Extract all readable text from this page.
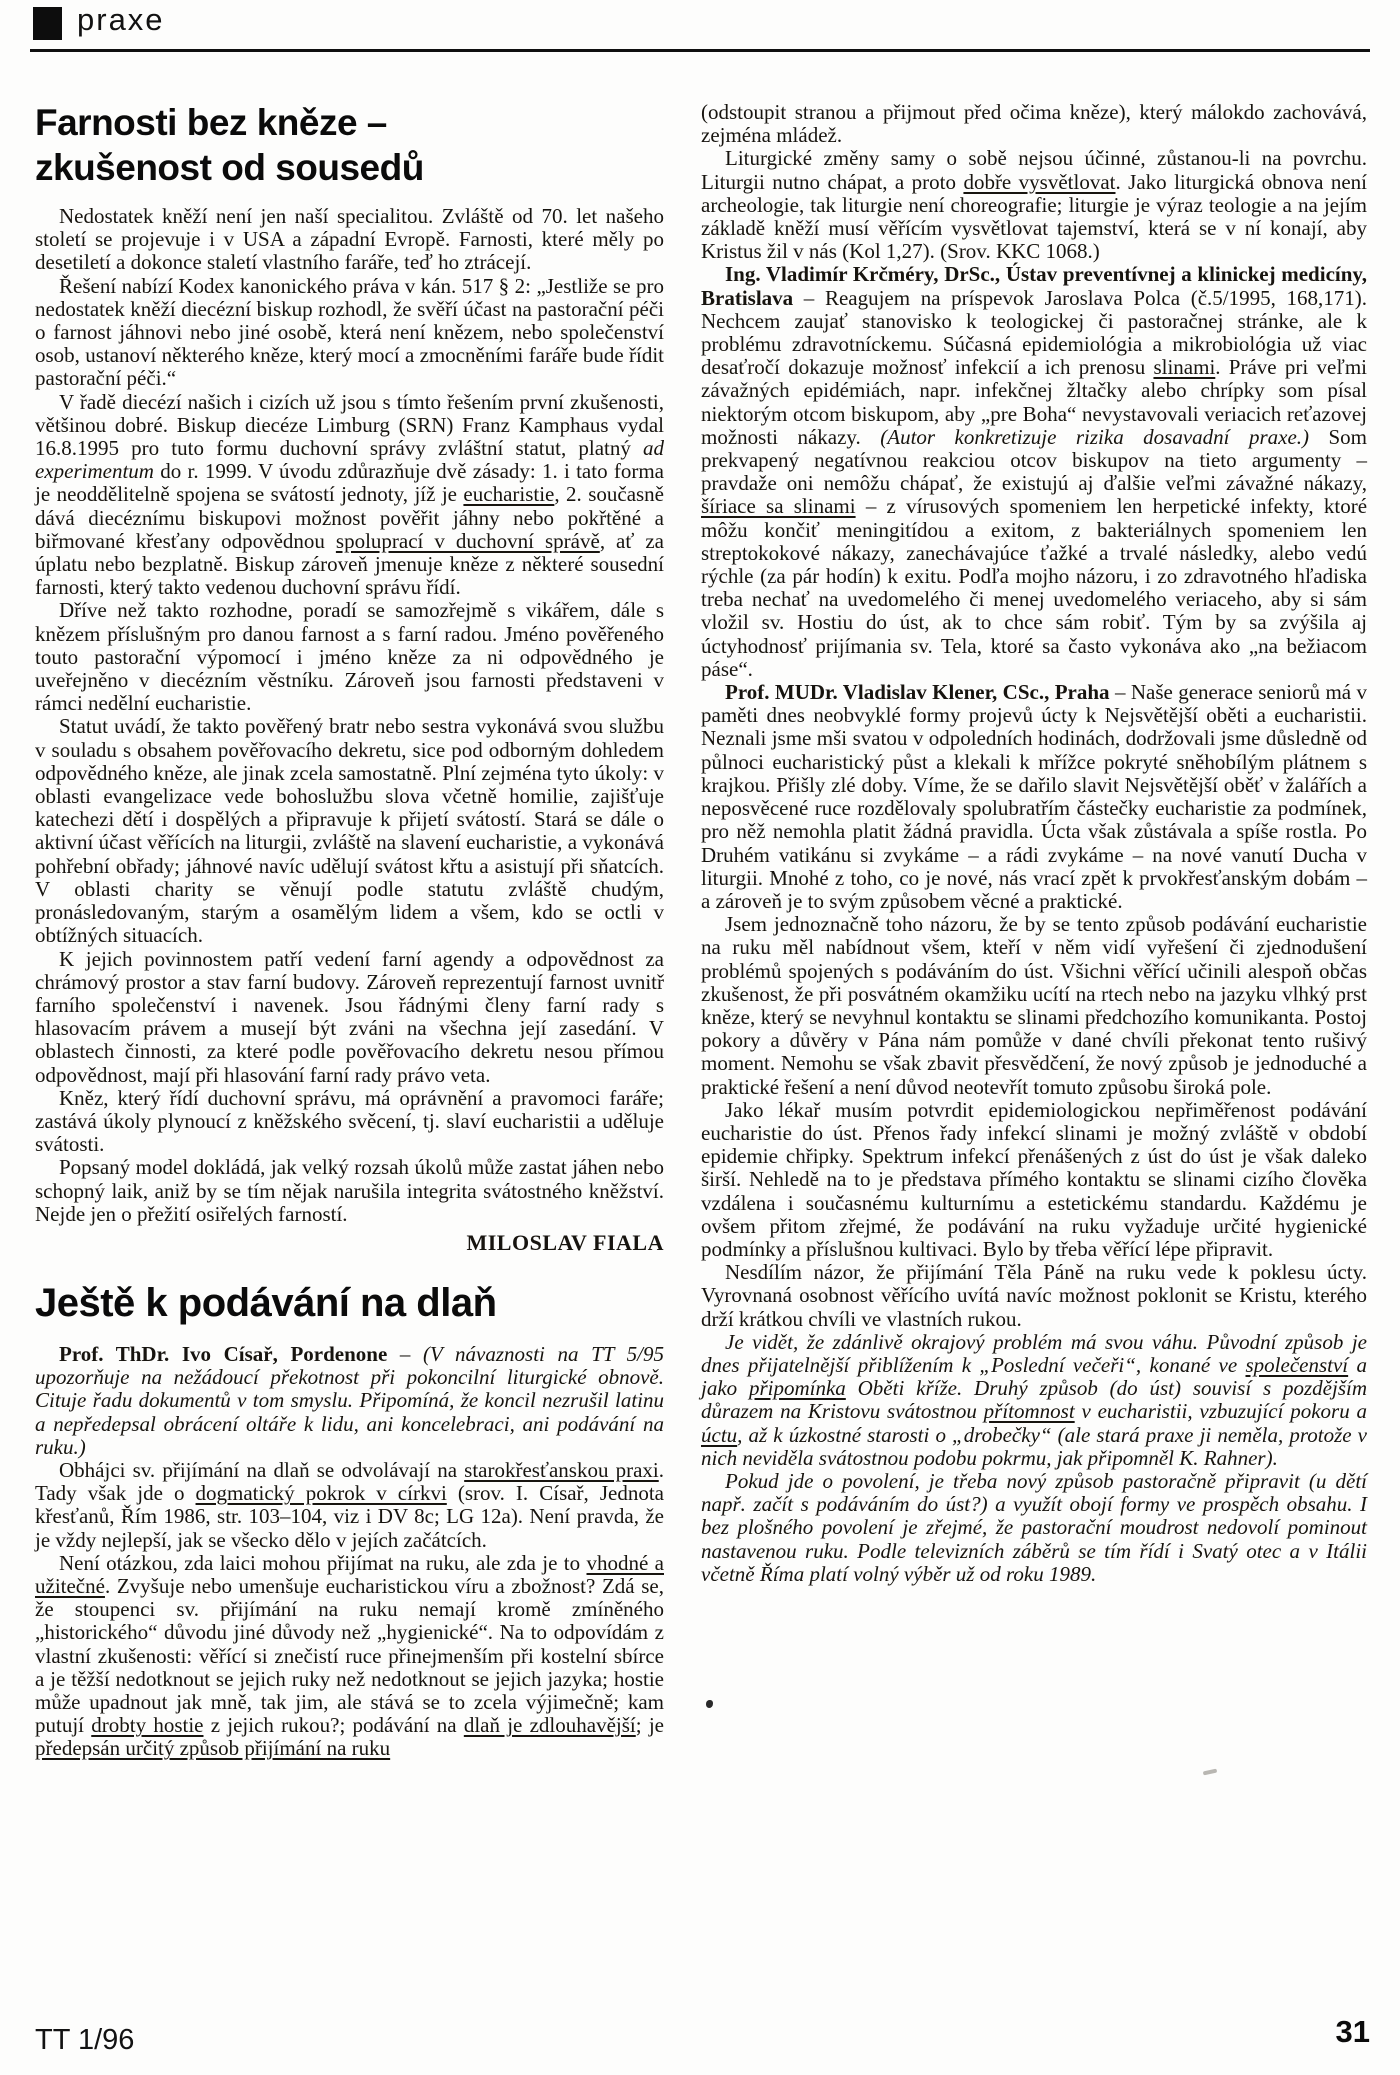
praxe
Farnosti bez kněze –
zkušenost od sousedů

Nedostatek kněží není jen naší specialitou. Zvláště od 70. let našeho století se projevuje i v USA a západní Evropě. Farnosti, které měly po desetiletí a dokonce staletí vlastního faráře, teď ho ztrácejí.

Řešení nabízí Kodex kanonického práva v kán. 517 § 2: „Jestliže se pro nedostatek kněží diecézní biskup rozhodl, že svěří účast na pastorační péči o farnost jáhnovi nebo jiné osobě, která není knězem, nebo společenství osob, ustanoví některého kněze, který mocí a zmocněními faráře bude řídit pastorační péči.“

V řadě diecézí našich i cizích už jsou s tímto řešením první zkušenosti, většinou dobré. Biskup diecéze Limburg (SRN) Franz Kamphaus vydal 16.8.1995 pro tuto formu duchovní správy zvláštní statut, platný ad experimentum do r. 1999. V úvodu zdůrazňuje dvě zásady: 1. i tato forma je neoddělitelně spojena se svátostí jednoty, jíž je eucharistie, 2. současně dává diecéznímu biskupovi možnost pověřit jáhny nebo pokřtěné a biřmované křesťany odpovědnou spoluprací v duchovní správě, ať za úplatu nebo bezplatně. Biskup zároveň jmenuje kněze z některé sousední farnosti, který takto vedenou duchovní správu řídí.

Dříve než takto rozhodne, poradí se samozřejmě s vikářem, dále s knězem příslušným pro danou farnost a s farní radou. Jméno pověřeného touto pastorační výpomocí i jméno kněze za ni odpovědného je uveřejněno v diecézním věstníku. Zároveň jsou farnosti představeni v rámci nedělní eucharistie.

Statut uvádí, že takto pověřený bratr nebo sestra vykonává svou službu v souladu s obsahem pověřovacího dekretu, sice pod odborným dohledem odpovědného kněze, ale jinak zcela samostatně. Plní zejména tyto úkoly: v oblasti evangelizace vede bohoslužbu slova včetně homilie, zajišťuje katechezi dětí i dospělých a připravuje k přijetí svátostí. Stará se dále o aktivní účast věřících na liturgii, zvláště na slavení eucharistie, a vykonává pohřební obřady; jáhnové navíc udělují svátost křtu a asistují při sňatcích. V oblasti charity se věnují podle statutu zvláště chudým, pronásledovaným, starým a osamělým lidem a všem, kdo se octli v obtížných situacích.

K jejich povinnostem patří vedení farní agendy a odpovědnost za chrámový prostor a stav farní budovy. Zároveň reprezentují farnost uvnitř farního společenství i navenek. Jsou řádnými členy farní rady s hlasovacím právem a musejí být zváni na všechna její zasedání. V oblastech činnosti, za které podle pověřovacího dekretu nesou přímou odpovědnost, mají při hlasování farní rady právo veta.

Kněz, který řídí duchovní správu, má oprávnění a pravomoci faráře; zastává úkoly plynoucí z kněžského svěcení, tj. slaví eucharistii a uděluje svátosti.

Popsaný model dokládá, jak velký rozsah úkolů může zastat jáhen nebo schopný laik, aniž by se tím nějak narušila integrita svátostného kněžství. Nejde jen o přežití osiřelých farností.

MILOSLAV FIALA

Ještě k podávání na dlaň

Prof. ThDr. Ivo Císař, Pordenone – (V návaznosti na TT 5/95 upozorňuje na nežádoucí překotnost při pokoncilní liturgické obnově. Cituje řadu dokumentů v tom smyslu. Připomíná, že koncil nezrušil latinu a nepředepsal obrácení oltáře k lidu, ani koncelebraci, ani podávání na ruku.)

Obhájci sv. přijímání na dlaň se odvolávají na starokřesťanskou praxi. Tady však jde o dogmatický pokrok v církvi (srov. I. Císař, Jednota křesťanů, Řím 1986, str. 103–104, viz i DV 8c; LG 12a). Není pravda, že je vždy nejlepší, jak se všecko dělo v jejích začátcích.

Není otázkou, zda laici mohou přijímat na ruku, ale zda je to vhodné a užitečné. Zvyšuje nebo umenšuje eucharistickou víru a zbožnost? Zdá se, že stoupenci sv. přijímání na ruku nemají kromě zmíněného „historického“ důvodu jiné důvody než „hygienické“. Na to odpovídám z vlastní zkušenosti: věřící si znečistí ruce přinejmenším při kostelní sbírce a je těžší nedotknout se jejich ruky než nedotknout se jejich jazyka; hostie může upadnout jak mně, tak jim, ale stává se to zcela výjimečně; kam putují drobty hostie z jejich rukou?; podávání na dlaň je zdlouhavější; je předepsán určitý způsob přijímání na ruku

(odstoupit stranou a přijmout před očima kněze), který málokdo zachovává, zejména mládež.

Liturgické změny samy o sobě nejsou účinné, zůstanou-li na povrchu. Liturgii nutno chápat, a proto dobře vysvětlovat. Jako liturgická obnova není archeologie, tak liturgie není choreografie; liturgie je výraz teologie a na jejím základě kněží musí věřícím vysvětlovat tajemství, která se v ní konají, aby Kristus žil v nás (Kol 1,27). (Srov. KKC 1068.)

Ing. Vladimír Krčméry, DrSc., Ústav preventívnej a klinickej medicíny, Bratislava – Reagujem na príspevok Jaroslava Polca (č.5/1995, 168,171). Nechcem zaujať stanovisko k teologickej či pastoračnej stránke, ale k problému zdravotníckemu. Súčasná epidemiológia a mikrobiológia už viac desaťročí dokazuje možnosť infekcií a ich prenosu slinami. Práve pri veľmi závažných epidémiách, napr. infekčnej žltačky alebo chrípky som písal niektorým otcom biskupom, aby „pre Boha“ nevystavovali veriacich reťazovej možnosti nákazy. (Autor konkretizuje rizika dosavadní praxe.) Som prekvapený negatívnou reakciou otcov biskupov na tieto argumenty – pravdaže oni nemôžu chápať, že existujú aj ďalšie veľmi závažné nákazy, šíriace sa slinami – z vírusových spomeniem len herpetické infekty, ktoré môžu končiť meningitídou a exitom, z bakteriálnych spomeniem len streptokokové nákazy, zanechávajúce ťažké a trvalé následky, alebo vedú rýchle (za pár hodín) k exitu. Podľa mojho názoru, i zo zdravotného hľadiska treba nechať na uvedomelého či menej uvedomelého veriaceho, aby si sám vložil sv. Hostiu do úst, ak to chce sám robiť. Tým by sa zvýšila aj úctyhodnosť prijímania sv. Tela, ktoré sa často vykonáva ako „na bežiacom páse“.

Prof. MUDr. Vladislav Klener, CSc., Praha – Naše generace seniorů má v paměti dnes neobvyklé formy projevů úcty k Nejsvětější oběti a eucharistii. Neznali jsme mši svatou v odpoledních hodinách, dodržovali jsme důsledně od půlnoci eucharistický půst a klekali k mřížce pokryté sněhobílým plátnem s krajkou. Přišly zlé doby. Víme, že se dařilo slavit Nejsvětější oběť v žalářích a neposvěcené ruce rozdělovaly spolubratřím částečky eucharistie za podmínek, pro něž nemohla platit žádná pravidla. Úcta však zůstávala a spíše rostla. Po Druhém vatikánu si zvykáme – a rádi zvykáme – na nové vanutí Ducha v liturgii. Mnohé z toho, co je nové, nás vrací zpět k prvokřesťanským dobám – a zároveň je to svým způsobem věcné a praktické.

Jsem jednoznačně toho názoru, že by se tento způsob podávání eucharistie na ruku měl nabídnout všem, kteří v něm vidí vyřešení či zjednodušení problémů spojených s podáváním do úst. Všichni věřící učinili alespoň občas zkušenost, že při posvátném okamžiku ucítí na rtech nebo na jazyku vlhký prst kněze, který se nevyhnul kontaktu se slinami předchozího komunikanta. Postoj pokory a důvěry v Pána nám pomůže v dané chvíli překonat tento rušivý moment. Nemohu se však zbavit přesvědčení, že nový způsob je jednoduché a praktické řešení a není důvod neotevřít tomuto způsobu široká pole.

Jako lékař musím potvrdit epidemiologickou nepřiměřenost podávání eucharistie do úst. Přenos řady infekcí slinami je možný zvláště v období epidemie chřipky. Spektrum infekcí přenášených z úst do úst je však daleko širší. Nehledě na to je představa přímého kontaktu se slinami cizího člověka vzdálena i současnému kulturnímu a estetickému standardu. Každému je ovšem přitom zřejmé, že podávání na ruku vyžaduje určité hygienické podmínky a příslušnou kultivaci. Bylo by třeba věřící lépe připravit.

Nesdílím názor, že přijímání Těla Páně na ruku vede k poklesu úcty. Vyrovnaná osobnost věřícího uvítá navíc možnost poklonit se Kristu, kterého drží krátkou chvíli ve vlastních rukou.

Je vidět, že zdánlivě okrajový problém má svou váhu. Původní způsob je dnes přijatelnější přiblížením k „Poslední večeři“, konané ve společenství a jako připomínka Oběti kříže. Druhý způsob (do úst) souvisí s pozdějším důrazem na Kristovu svátostnou přítomnost v eucharistii, vzbuzující pokoru a úctu, až k úzkostné starosti o „drobečky“ (ale stará praxe ji neměla, protože v nich neviděla svátostnou podobu pokrmu, jak připomněl K. Rahner).

Pokud jde o povolení, je třeba nový způsob pastoračně připravit (u dětí např. začít s podáváním do úst?) a využít obojí formy ve prospěch obsahu. I bez plošného povolení je zřejmé, že pastorační moudrost nedovolí pominout nastavenou ruku. Podle televizních záběrů se tím řídí i Svatý otec a v Itálii včetně Říma platí volný výběr už od roku 1989.

TT 1/96	31
